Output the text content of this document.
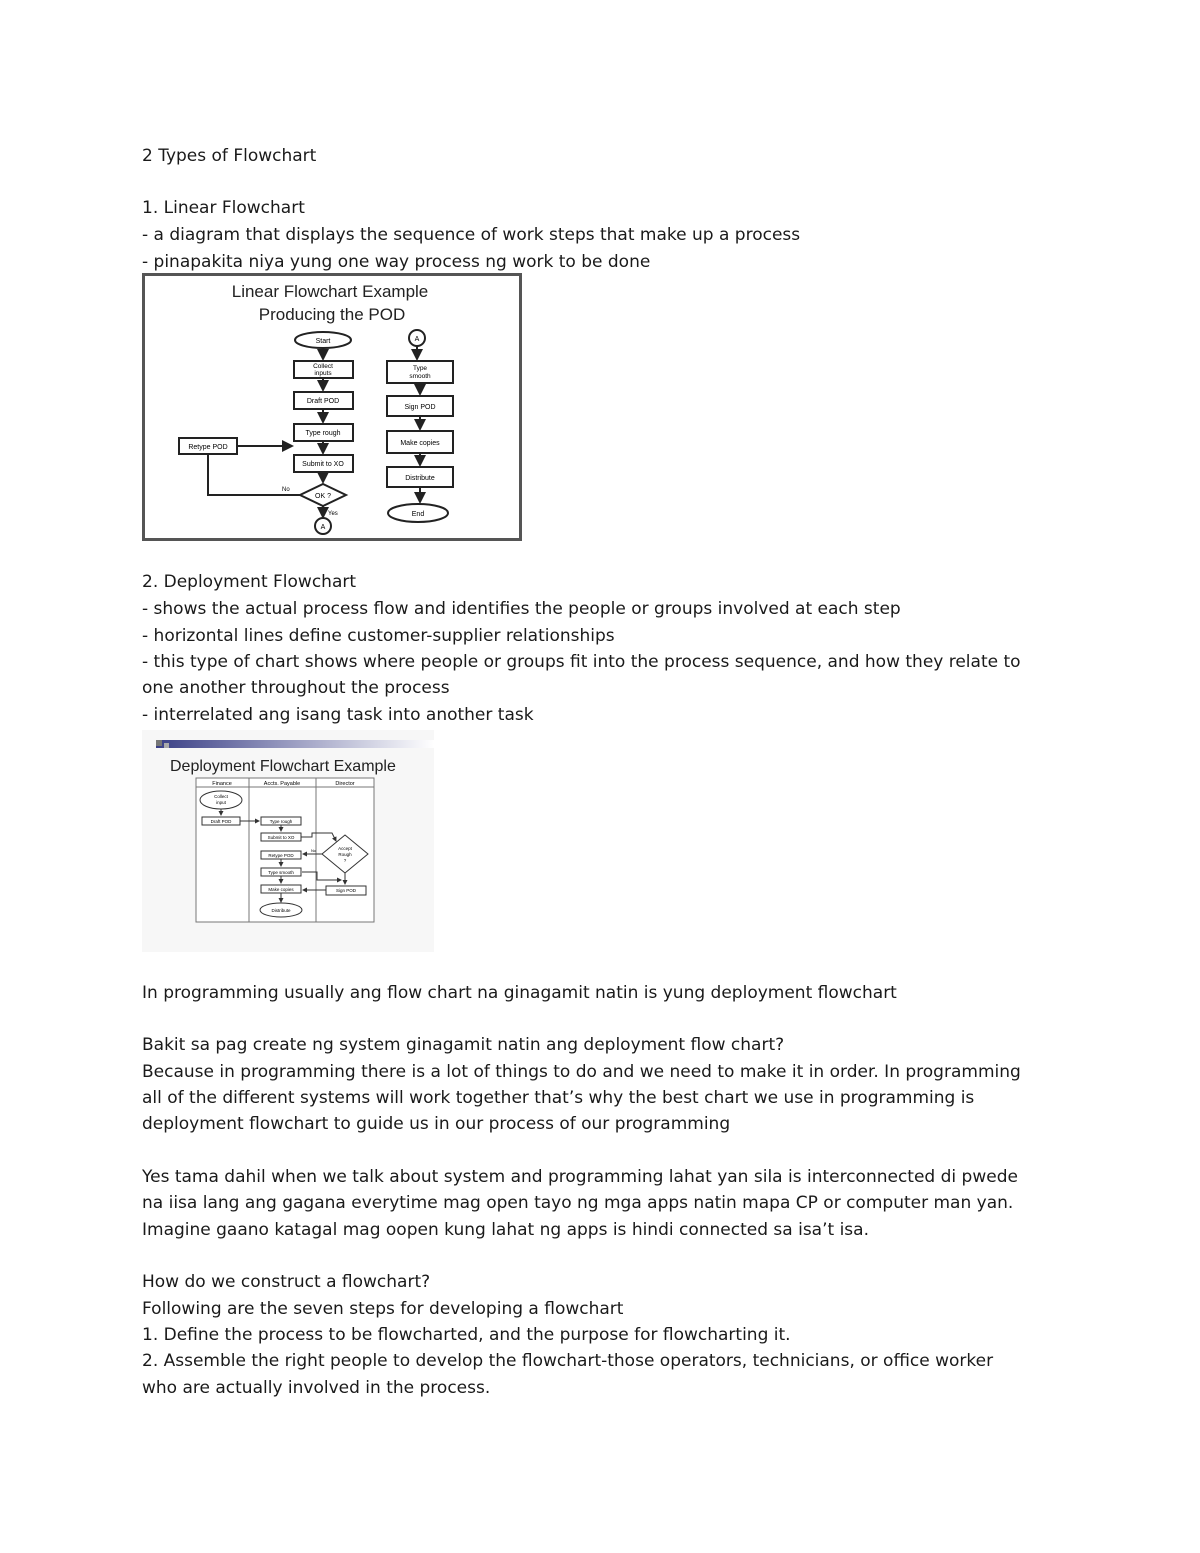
2 Types of Flowchart
1. Linear Flowchart
- a diagram that displays the sequence of work steps that make up a process
- pinapakita niya yung one way process ng work to be done
Linear Flowchart Example
Producing the POD
Start
Collect
inputs
Draft POD
Type rough
Submit to XO
OK ?
No
Yes
A
Retype POD
A
Type
smooth
Sign POD
Make copies
Distribute
End
2. Deployment Flowchart
- shows the actual process flow and identifies the people or groups involved at each step
- horizontal lines define customer-supplier relationships
- this type of chart shows where people or groups fit into the process sequence, and how they relate to
one another throughout the process
- interrelated ang isang task into another task
Deployment Flowchart Example
Finance	Accts. Payable	Director
Collect
input
Draft POD	Type rough
Submit to XO
Retype POD
Type smooth
Make copies
Distribute
Accept
Rough
?
No
Sign POD
In programming usually ang flow chart na ginagamit natin is yung deployment flowchart
Bakit sa pag create ng system ginagamit natin ang deployment flow chart?
Because in programming there is a lot of things to do and we need to make it in order. In programming
all of the different systems will work together that’s why the best chart we use in programming is
deployment flowchart to guide us in our process of our programming
Yes tama dahil when we talk about system and programming lahat yan sila is interconnected di pwede
na iisa lang ang gagana everytime mag open tayo ng mga apps natin mapa CP or computer man yan.
Imagine gaano katagal mag oopen kung lahat ng apps is hindi connected sa isa’t isa.
How do we construct a flowchart?
Following are the seven steps for developing a flowchart
1. Define the process to be flowcharted, and the purpose for flowcharting it.
2. Assemble the right people to develop the flowchart-those operators, technicians, or office worker
who are actually involved in the process.
